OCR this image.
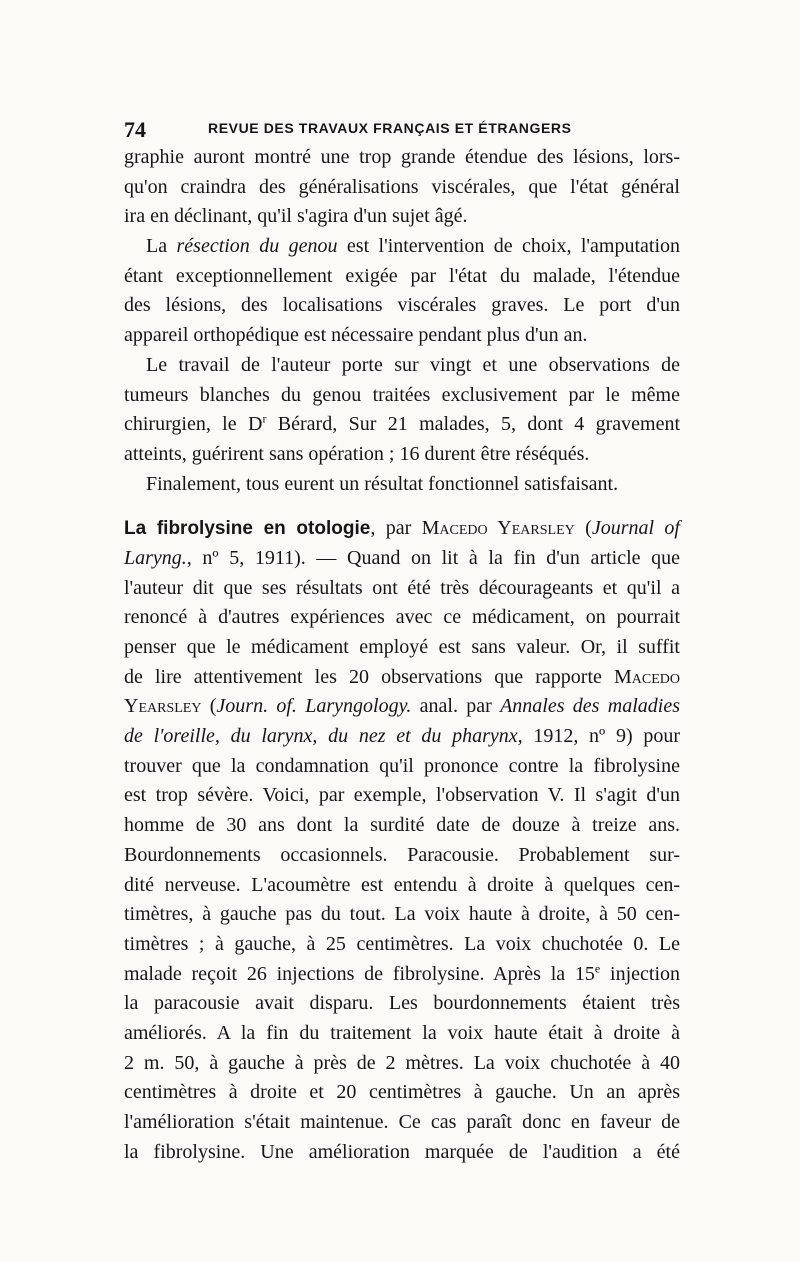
74	REVUE DES TRAVAUX FRANÇAIS ET ÉTRANGERS
graphie auront montré une trop grande étendue des lésions, lors-
qu'on craindra des généralisations viscérales, que l'état général
ira en déclinant, qu'il s'agira d'un sujet âgé.
La résection du genou est l'intervention de choix, l'amputation
étant exceptionnellement exigée par l'état du malade, l'étendue
des lésions, des localisations viscérales graves. Le port d'un
appareil orthopédique est nécessaire pendant plus d'un an.
Le travail de l'auteur porte sur vingt et une observations de
tumeurs blanches du genou traitées exclusivement par le même
chirurgien, le $D^r$ Bérard, Sur 21 malades, 5, dont 4 gravement
atteints, guérirent sans opération ; 16 durent être réséqués.
Finalement, tous eurent un résultat fonctionnel satisfaisant.
La fibrolysine en otologie, par Macedo Yearsley (Journal of
Laryng., nº 5, 1911). — Quand on lit à la fin d'un article que
l'auteur dit que ses résultats ont été très décourageants et qu'il a
renoncé à d'autres expériences avec ce médicament, on pourrait
penser que le médicament employé est sans valeur. Or, il suffit
de lire attentivement les 20 observations que rapporte Macedo
Yearsley (Journ. of. Laryngology. anal. par Annales des maladies
de l'oreille, du larynx, du nez et du pharynx, 1912, nº 9) pour
trouver que la condamnation qu'il prononce contre la fibrolysine
est trop sévère. Voici, par exemple, l'observation V. Il s'agit d'un
homme de 30 ans dont la surdité date de douze à treize ans.
Bourdonnements occasionnels. Paracousie. Probablement sur-
dité nerveuse. L'acoumètre est entendu à droite à quelques cen-
timètres, à gauche pas du tout. La voix haute à droite, à 50 cen-
timètres ; à gauche, à 25 centimètres. La voix chuchotée 0. Le
malade reçoit 26 injections de fibrolysine. Après la 15e injection
la paracousie avait disparu. Les bourdonnements étaient très
améliorés. A la fin du traitement la voix haute était à droite à
2 m. 50, à gauche à près de 2 mètres. La voix chuchotée à 40
centimètres à droite et 20 centimètres à gauche. Un an après
l'amélioration s'était maintenue. Ce cas paraît donc en faveur de
la fibrolysine. Une amélioration marquée de l'audition a été
